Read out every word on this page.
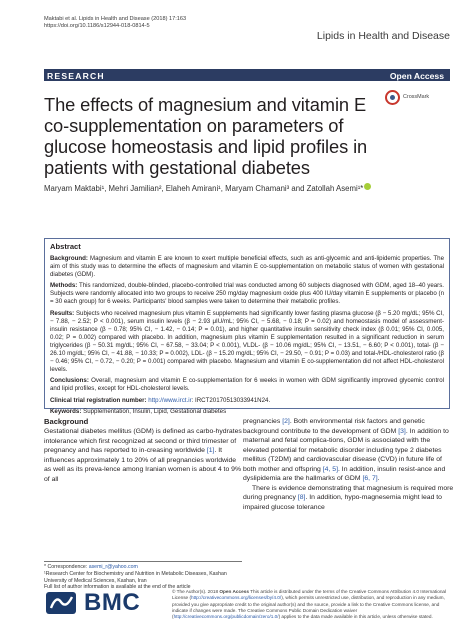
Maktabi et al. Lipids in Health and Disease (2018) 17:163
https://doi.org/10.1186/s12944-018-0814-5
Lipids in Health and Disease
RESEARCH	Open Access
The effects of magnesium and vitamin E co-supplementation on parameters of glucose homeostasis and lipid profiles in patients with gestational diabetes
CrossMark
Maryam Maktabi¹, Mehri Jamilian², Elaheh Amirani¹, Maryam Chamani³ and Zatollah Asemi¹*
Abstract

Background: Magnesium and vitamin E are known to exert multiple beneficial effects, such as anti-glycemic and anti-lipidemic properties. The aim of this study was to determine the effects of magnesium and vitamin E co-supplementation on metabolic status of women with gestational diabetes (GDM).

Methods: This randomized, double-blinded, placebo-controlled trial was conducted among 60 subjects diagnosed with GDM, aged 18–40 years. Subjects were randomly allocated into two groups to receive 250 mg/day magnesium oxide plus 400 IU/day vitamin E supplements or placebo (n = 30 each group) for 6 weeks. Participants' blood samples were taken to determine their metabolic profiles.

Results: Subjects who received magnesium plus vitamin E supplements had significantly lower fasting plasma glucose (β − 5.20 mg/dL; 95% CI, − 7.88, − 2.52; P < 0.001), serum insulin levels (β − 2.93 μIU/mL; 95% CI, − 5.68, − 0.18; P = 0.02) and homeostasis model of assessment-insulin resistance (β − 0.78; 95% CI, − 1.42, − 0.14; P = 0.01), and higher quantitative insulin sensitivity check index (β 0.01; 95% CI, 0.005, 0.02; P = 0.002) compared with placebo. In addition, magnesium plus vitamin E supplementation resulted in a significant reduction in serum triglycerides (β − 50.31 mg/dL; 95% CI, − 67.58, − 33.04; P < 0.001), VLDL- (β − 10.06 mg/dL; 95% CI, − 13.51, − 6.60; P < 0.001), total- (β − 26.10 mg/dL; 95% CI, − 41.88, − 10.33; P = 0.002), LDL- (β − 15.20 mg/dL; 95% CI, − 29.50, − 0.91; P = 0.03) and total-/HDL-cholesterol ratio (β − 0.46; 95% CI, − 0.72, − 0.20; P = 0.001) compared with placebo. Magnesium and vitamin E co-supplementation did not affect HDL-cholesterol levels.

Conclusions: Overall, magnesium and vitamin E co-supplementation for 6 weeks in women with GDM significantly improved glycemic control and lipid profiles, except for HDL-cholesterol levels.

Clinical trial registration number: http://www.irct.ir: IRCT20170513033941N24.

Keywords: Supplementation, Insulin, Lipid, Gestational diabetes

Background

Gestational diabetes mellitus (GDM) is defined as carbo-hydrates intolerance which first recognized at second or third trimester of pregnancy and has reported to in-creasing worldwide [1]. It influences approximately 1 to 20% of all pregnancies worldwide as well as its preva-lence among Iranian women is about 4 to 9% of all

pregnancies [2]. Both environmental risk factors and genetic background contribute to the development of GDM [3]. In addition to maternal and fetal complica-tions, GDM is associated with the elevated potential for metabolic disorder including type 2 diabetes mellitus (T2DM) and cardiovascular disease (CVD) in future life of both mother and offspring [4, 5]. In addition, insulin resist-ance and dyslipidemia are the hallmarks of GDM [6, 7].

There is evidence demonstrating that magnesium is required more during pregnancy [8]. In addition, hypo-magnesemia might lead to impaired glucose tolerance

* Correspondence: asemi_r@yahoo.com
¹Research Center for Biochemistry and Nutrition in Metabolic Diseases, Kashan University of Medical Sciences, Kashan, Iran
Full list of author information is available at the end of the article
BMC	© The Author(s). 2018 Open Access This article is distributed under the terms of the Creative Commons Attribution 4.0 International License (http://creativecommons.org/licenses/by/4.0/), which permits unrestricted use, distribution, and reproduction in any medium, provided you give appropriate credit to the original author(s) and the source, provide a link to the Creative Commons license, and indicate if changes were made. The Creative Commons Public Domain Dedication waiver (http://creativecommons.org/publicdomain/zero/1.0/) applies to the data made available in this article, unless otherwise stated.
